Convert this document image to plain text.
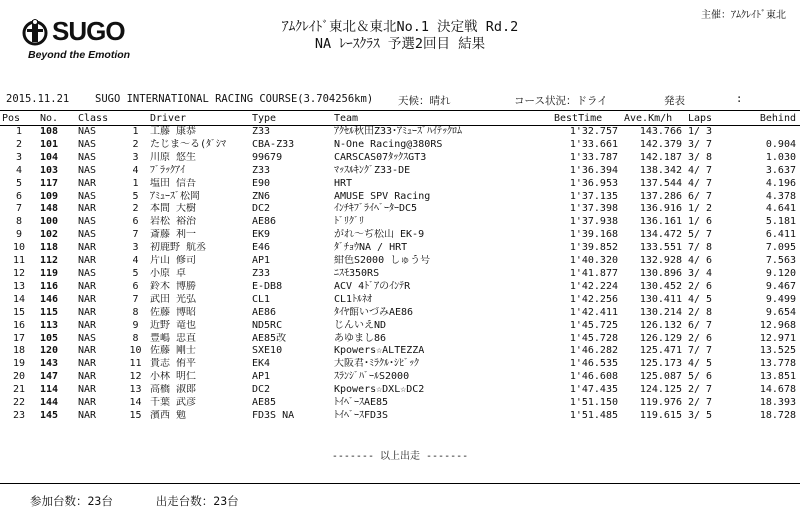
SUGO
Beyond the Emotion
主催：ｱﾑｸﾚｲﾄﾞ東北
ｱﾑｸﾚｲﾄﾞ東北＆東北No.1 決定戦 Rd.2
NA ﾚｰｽｸﾗｽ 予選2回目 結果
2015.11.21 SUGO INTERNATIONAL RACING COURSE(3.704256km) 天候：晴れ	コース状況：ドライ	発表	:
Pos	No.	Class		Driver	Type	Team	BestTime	Ave.Km/h	Laps	Behind
1	108	NAS	1	工藤 康恭	Z33	ｱｸｾﾙ秋田Z33･ｱﾐｭｰｽﾞﾊｲﾃｯｸﾛﾑ	1'32.757	143.766	1/ 3	
2	101	NAS	2	たじま～る(ﾀﾞｼﾏ	CBA-Z33	N-One Racing@380RS	1'33.661	142.379	3/ 7	0.904
3	104	NAS	3	川原 悠生	99679	CARSCAS07ﾀｯｸｽGT3	1'33.787	142.187	3/ 8	1.030
4	103	NAS	4	ﾌﾞﾗｯｸｱｲ	Z33	ﾏｯｽﾙｷﾝｸﾞZ33-DE	1'36.394	138.342	4/ 7	3.637
5	117	NAR	1	塩田 信吾	E90	HRT	1'36.953	137.544	4/ 7	4.196
6	109	NAS	5	ｱﾐｭｰｽﾞ松岡	ZN6	AMUSE SPV Racing	1'37.135	137.286	6/ 7	4.378
7	148	NAR	2	本間 大樹	DC2	ｲﾝﾁｷﾌﾞﾗｲﾍﾞｰﾀｰDC5	1'37.398	136.916	1/ 2	4.641
8	100	NAS	6	岩松 裕治	AE86	ﾄﾞﾘｸﾞﾘ	1'37.938	136.161	1/ 6	5.181
9	102	NAS	7	斎藤 利一	EK9	がれ～ぢ松山 EK-9	1'39.168	134.472	5/ 7	6.411
10	118	NAR	3	初鹿野 航丞	E46	ﾀﾞﾁｮｳNA / HRT	1'39.852	133.551	7/ 8	7.095
11	112	NAR	4	片山 修司	AP1	紺色S2000 しゅう号	1'40.320	132.928	4/ 6	7.563
12	119	NAS	5	小原 卓	Z33	ﾆｽﾓ350RS	1'41.877	130.896	3/ 4	9.120
13	116	NAR	6	鈴木 博勝	E-DB8	ACV 4ﾄﾞｱのｲﾝﾃR	1'42.224	130.452	2/ 6	9.467
14	146	NAR	7	武田 光弘	CL1	CL1ﾄﾙﾈｵ	1'42.256	130.411	4/ 5	9.499
15	115	NAR	8	佐藤 博昭	AE86	ﾀｲﾔ館いづみAE86	1'42.411	130.214	2/ 8	9.654
16	113	NAR	9	近野 竜也	ND5RC	じんいえND	1'45.725	126.132	6/ 7	12.968
17	105	NAS	8	豊嶋 忠直	AE85改	あゆまし86	1'45.728	126.129	2/ 6	12.971
18	120	NAR	10	佐藤 剛士	SXE10	Kpowers☆ALTEZZA	1'46.282	125.471	7/ 7	13.525
19	143	NAR	11	貴志 侑平	EK4	大阪君･ﾐﾗｸﾙ･ｼﾋﾞｯｸ	1'46.535	125.173	4/ 5	13.778
20	147	NAR	12	小林 明仁	AP1	ｽﾗﾝｼﾞﾊﾞｰﾙS2000	1'46.608	125.087	5/ 6	13.851
21	114	NAR	13	高橋 淑郎	DC2	Kpowers☆DXL☆DC2	1'47.435	124.125	2/ 7	14.678
22	144	NAR	14	千葉 武彦	AE85	ﾄｲﾍﾞｰｽAE85	1'51.150	119.976	2/ 7	18.393
23	145	NAR	15	濱西 勉	FD3S NA	ﾄｲﾍﾞｰｽFD3S	1'51.485	119.615	3/ 5	18.728
------- 以上出走 -------
参加台数：23台	出走台数：23台
